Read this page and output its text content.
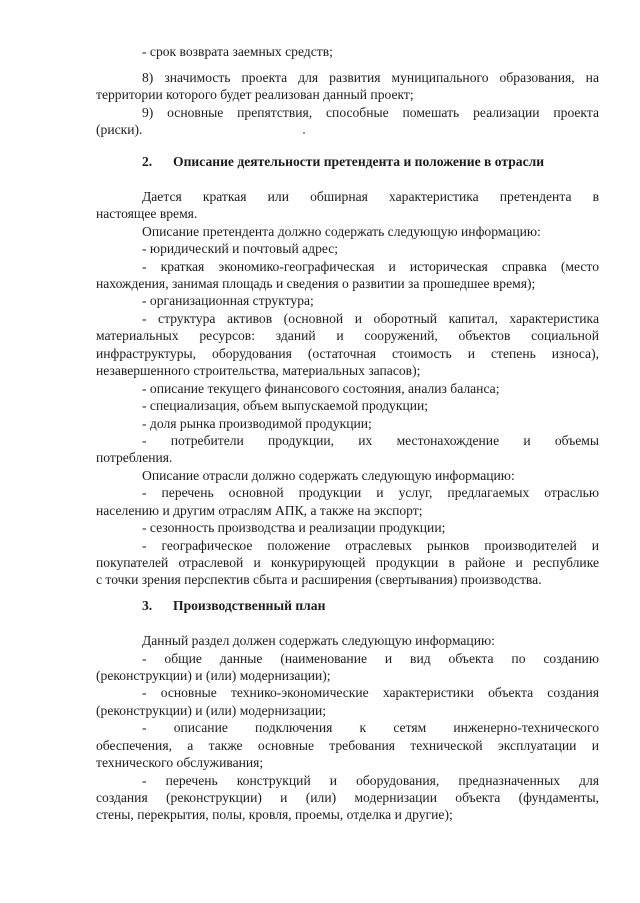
- срок возврата заемных средств;
8) значимость проекта для развития муниципального образования, на
территории которого будет реализован данный проект;
9) основные препятствия, способные помешать реализации проекта
(риски).
2. Описание деятельности претендента и положение в отрасли
Дается краткая или обширная характеристика претендента в
настоящее время.
Описание претендента должно содержать следующую информацию:
- юридический и почтовый адрес;
- краткая экономико-географическая и историческая справка (место
нахождения, занимая площадь и сведения о развитии за прошедшее время);
- организационная структура;
- структура активов (основной и оборотный капитал, характеристика
материальных ресурсов: зданий и сооружений, объектов социальной
инфраструктуры, оборудования (остаточная стоимость и степень износа),
незавершенного строительства, материальных запасов);
- описание текущего финансового состояния, анализ баланса;
- специализация, объем выпускаемой продукции;
- доля рынка производимой продукции;
- потребители продукции, их местонахождение и объемы
потребления.
Описание отрасли должно содержать следующую информацию:
- перечень основной продукции и услуг, предлагаемых отраслью
населению и другим отраслям АПК, а также на экспорт;
- сезонность производства и реализации продукции;
- географическое положение отраслевых рынков производителей и
покупателей отраслевой и конкурирующей продукции в районе и республике
с точки зрения перспектив сбыта и расширения (свертывания) производства.
3. Производственный план
Данный раздел должен содержать следующую информацию:
- общие данные (наименование и вид объекта по созданию
(реконструкции) и (или) модернизации);
- основные технико-экономические характеристики объекта создания
(реконструкции) и (или) модернизации;
- описание подключения к сетям инженерно-технического
обеспечения, а также основные требования технической эксплуатации и
технического обслуживания;
- перечень конструкций и оборудования, предназначенных для
создания (реконструкции) и (или) модернизации объекта (фундаменты,
стены, перекрытия, полы, кровля, проемы, отделка и другие);
